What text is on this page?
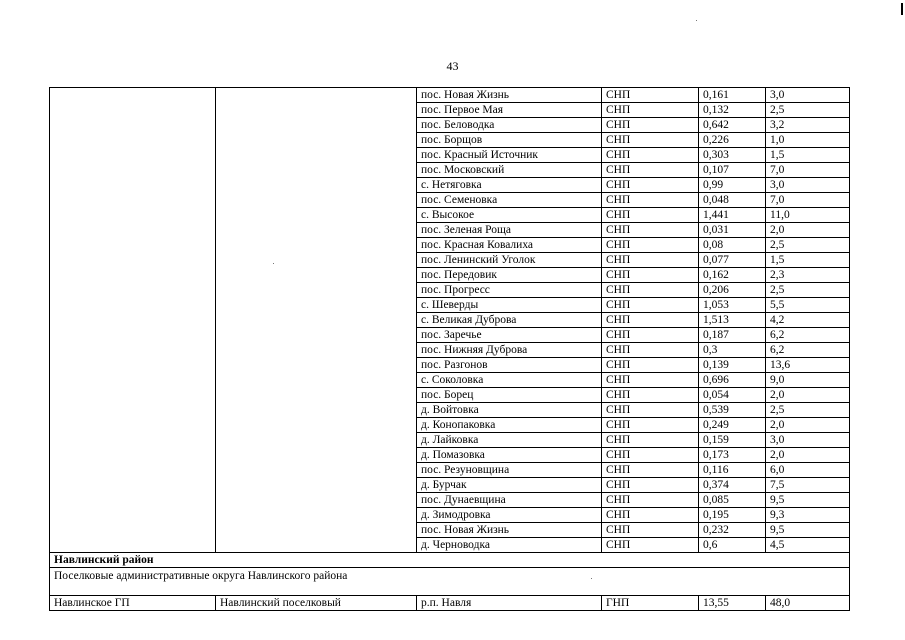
43
		пос. Новая Жизнь	СНП	0,161	3,0
		пос. Первое Мая	СНП	0,132	2,5
		пос. Беловодка	СНП	0,642	3,2
		пос. Борщов	СНП	0,226	1,0
		пос. Красный Источник	СНП	0,303	1,5
		пос. Московский	СНП	0,107	7,0
		с. Нетяговка	СНП	0,99	3,0
		пос. Семеновка	СНП	0,048	7,0
		с. Высокое	СНП	1,441	11,0
		пос. Зеленая Роща	СНП	0,031	2,0
		пос. Красная Ковалиха	СНП	0,08	2,5
		пос. Ленинский Уголок	СНП	0,077	1,5
		пос. Передовик	СНП	0,162	2,3
		пос. Прогресс	СНП	0,206	2,5
		с. Шеверды	СНП	1,053	5,5
		с. Великая Дуброва	СНП	1,513	4,2
		пос. Заречье	СНП	0,187	6,2
		пос. Нижняя Дуброва	СНП	0,3	6,2
		пос. Разгонов	СНП	0,139	13,6
		с. Соколовка	СНП	0,696	9,0
		пос. Борец	СНП	0,054	2,0
		д. Войтовка	СНП	0,539	2,5
		д. Конопаковка	СНП	0,249	2,0
		д. Лайковка	СНП	0,159	3,0
		д. Помазовка	СНП	0,173	2,0
		пос. Резуновщина	СНП	0,116	6,0
		д. Бурчак	СНП	0,374	7,5
		пос. Дунаевщина	СНП	0,085	9,5
		д. Зимодровка	СНП	0,195	9,3
		пос. Новая Жизнь	СНП	0,232	9,5
		д. Черноводка	СНП	0,6	4,5
Навлинский район					
Поселковые административные округа Навлинского района					
Навлинское ГП	Навлинский поселковый	р.п. Навля	ГНП	13,55	48,0
